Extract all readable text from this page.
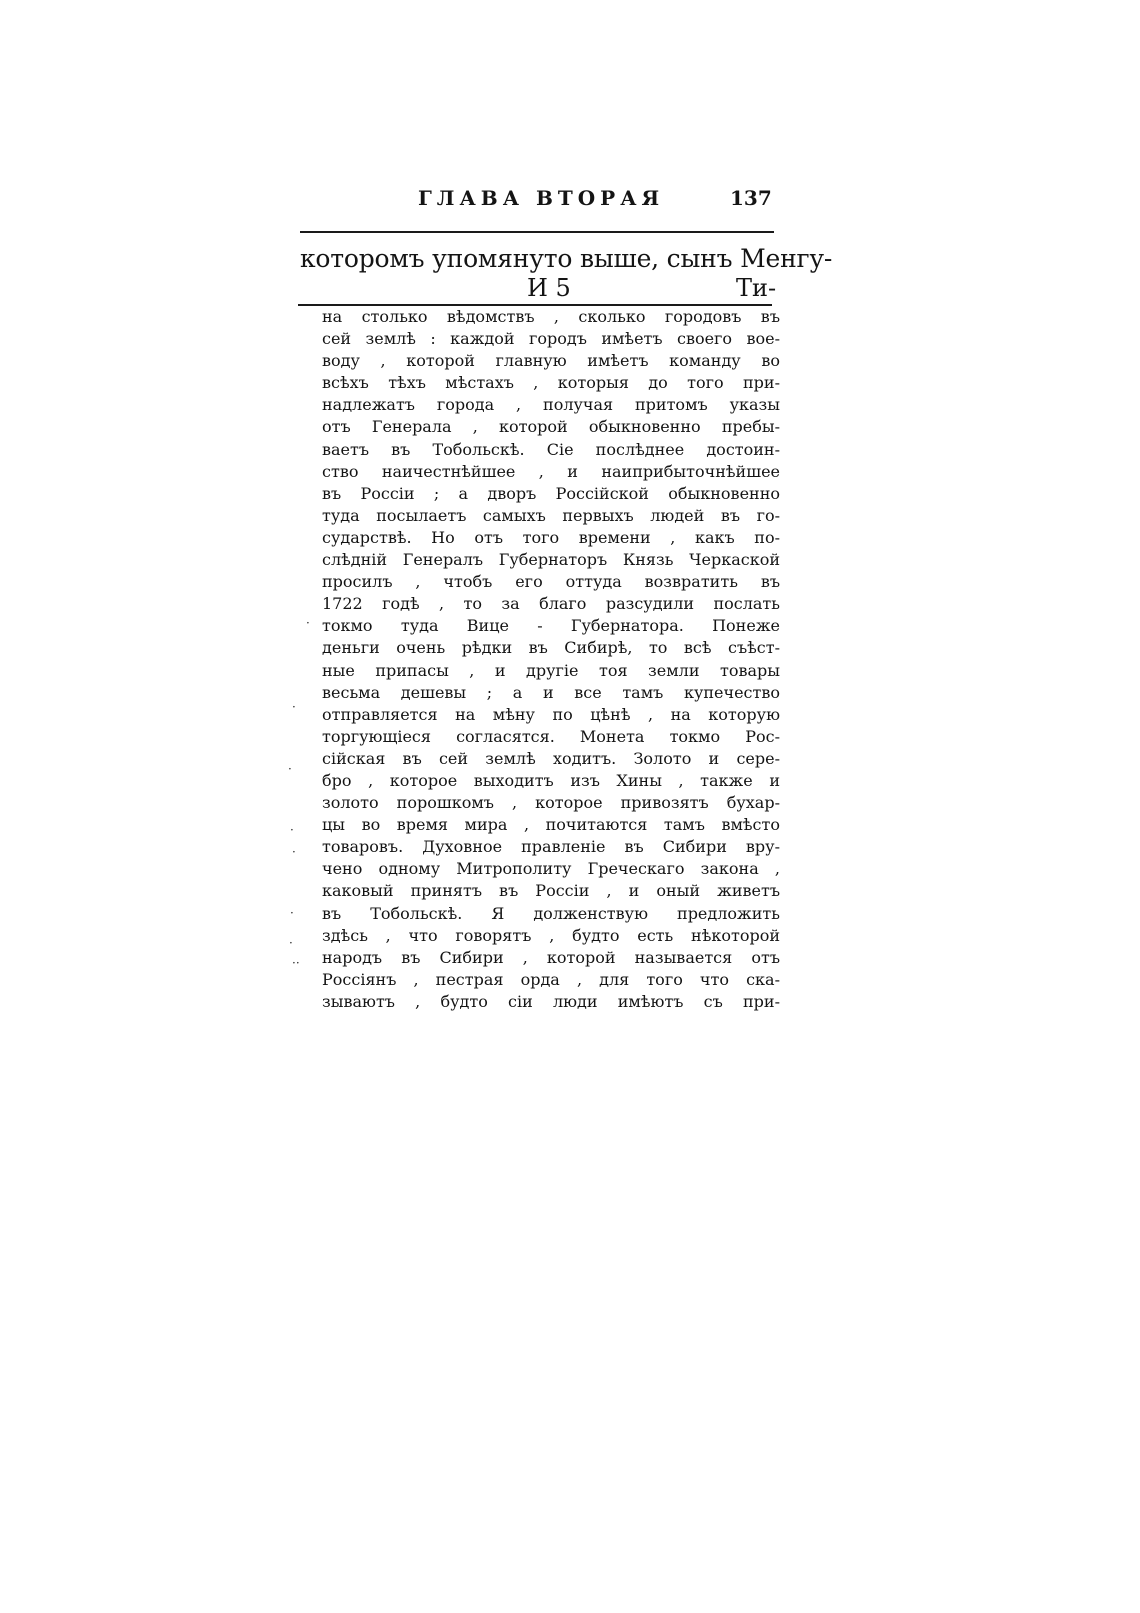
ГЛАВА ВТОРАЯ	137
которомъ упомянуто выше, сынъ Менгу-
И 5	Ти-
на столько вѣдомствъ , сколько городовъ въ
сей землѣ : каждой городъ имѣетъ своего вое-
воду , которой главную имѣетъ команду во
всѣхъ тѣхъ мѣстахъ , которыя до того при-
надлежатъ города , получая притомъ указы
отъ Генерала , которой обыкновенно пребы-
ваетъ въ Тобольскѣ. Сіе послѣднее достоин-
ство наичестнѣйшее , и наиприбыточнѣйшее
въ Россіи ; а дворъ Россійской обыкновенно
туда посылаетъ самыхъ первыхъ людей въ го-
сударствѣ. Но отъ того времени , какъ по-
слѣдній Генералъ Губернаторъ Князь Черкаской
просилъ , чтобъ его оттуда возвратить въ
1722 годѣ , то за благо разсудили послать
токмо туда Вице - Губернатора. Понеже
деньги очень рѣдки въ Сибирѣ, то всѣ съѣст-
ные припасы , и другіе тоя земли товары
весьма дешевы ; а и все тамъ купечество
отправляется на мѣну по цѣнѣ , на которую
торгующіеся согласятся. Монета токмо Рос-
сійская въ сей землѣ ходитъ. Золото и сере-
бро , которое выходитъ изъ Хины , также и
золото порошкомъ , которое привозятъ бухар-
цы во время мира , почитаются тамъ вмѣсто
товаровъ. Духовное правленіе въ Сибири вру-
чено одному Митрополиту Греческаго закона ,
каковый принятъ въ Россіи , и оный живетъ
въ Тобольскѣ. Я долженствую предложить
здѣсь , что говорятъ , будто есть нѣкоторой
народъ въ Сибири , которой называется отъ
Россіянъ , пестрая орда , для того что ска-
зываютъ , будто сіи люди имѣютъ съ при-
·
·
·
·
·
·
·
··
